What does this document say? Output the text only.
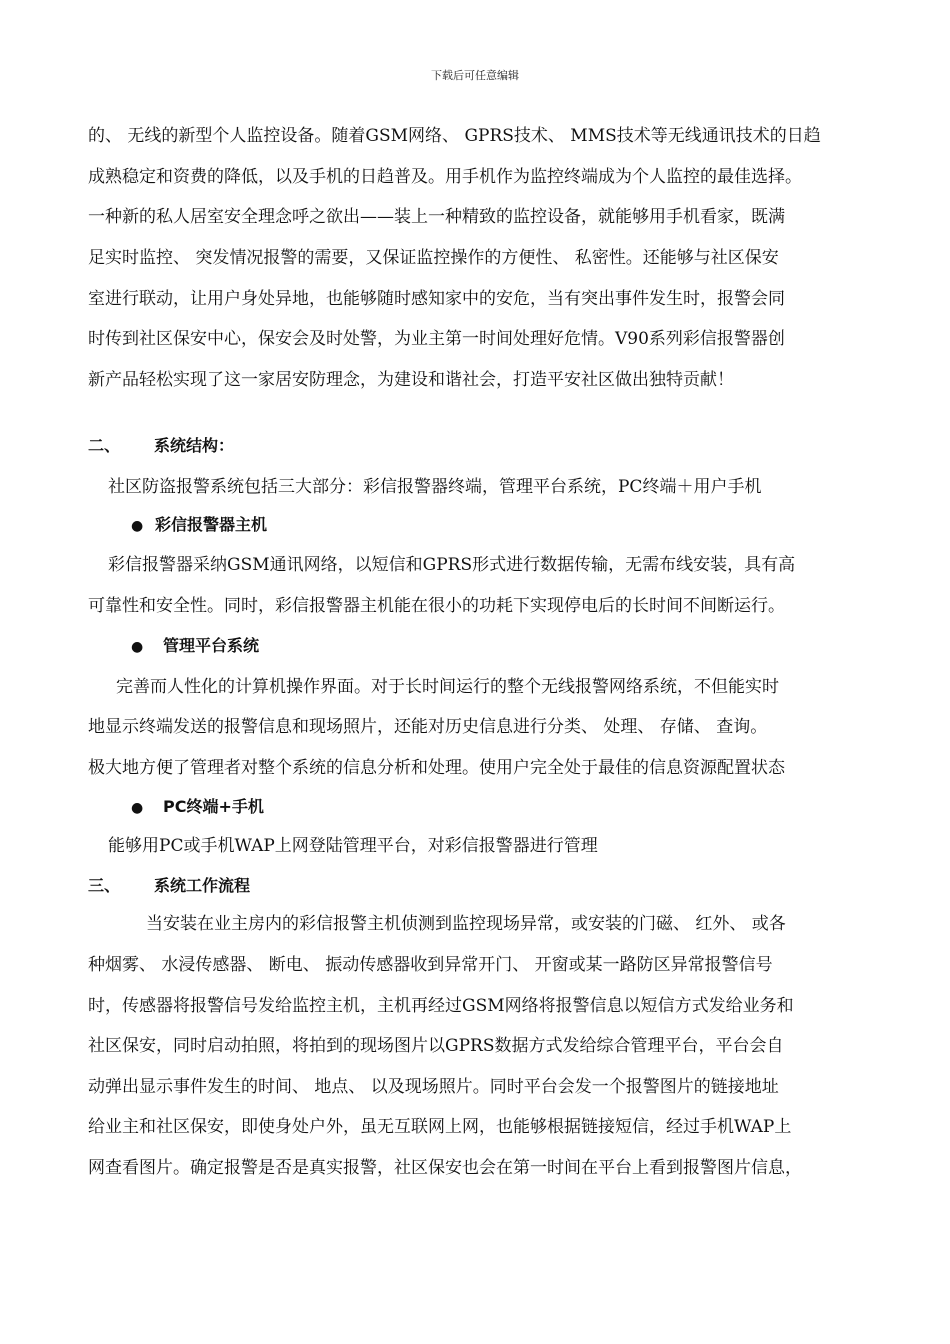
下载后可任意编辑
的、 无线的新型个人监控设备。随着GSM网络、 GPRS技术、 MMS技术等无线通讯技术的日趋
成熟稳定和资费的降低，以及手机的日趋普及。用手机作为监控终端成为个人监控的最佳选择。
一种新的私人居室安全理念呼之欲出——装上一种精致的监控设备，就能够用手机看家，既满
足实时监控、 突发情况报警的需要，又保证监控操作的方便性、 私密性。还能够与社区保安
室进行联动，让用户身处异地，也能够随时感知家中的安危，当有突出事件发生时，报警会同
时传到社区保安中心，保安会及时处警，为业主第一时间处理好危情。V90系列彩信报警器创
新产品轻松实现了这一家居安防理念，为建设和谐社会，打造平安社区做出独特贡献！
二、 系统结构：
社区防盗报警系统包括三大部分：彩信报警器终端，管理平台系统，PC终端＋用户手机
● 彩信报警器主机
彩信报警器采纳GSM通讯网络，以短信和GPRS形式进行数据传输，无需布线安装，具有高
可靠性和安全性。同时，彩信报警器主机能在很小的功耗下实现停电后的长时间不间断运行。
● 管理平台系统
完善而人性化的计算机操作界面。对于长时间运行的整个无线报警网络系统，不但能实时
地显示终端发送的报警信息和现场照片，还能对历史信息进行分类、 处理、 存储、 查询。
极大地方便了管理者对整个系统的信息分析和处理。使用户完全处于最佳的信息资源配置状态
● PC终端+手机
能够用PC或手机WAP上网登陆管理平台，对彩信报警器进行管理
三、 系统工作流程
当安装在业主房内的彩信报警主机侦测到监控现场异常，或安装的门磁、 红外、 或各
种烟雾、 水浸传感器、 断电、 振动传感器收到异常开门、 开窗或某一路防区异常报警信号
时，传感器将报警信号发给监控主机，主机再经过GSM网络将报警信息以短信方式发给业务和
社区保安，同时启动拍照，将拍到的现场图片以GPRS数据方式发给综合管理平台，平台会自
动弹出显示事件发生的时间、 地点、 以及现场照片。同时平台会发一个报警图片的链接地址
给业主和社区保安，即使身处户外，虽无互联网上网，也能够根据链接短信，经过手机WAP上
网查看图片。确定报警是否是真实报警，社区保安也会在第一时间在平台上看到报警图片信息，
